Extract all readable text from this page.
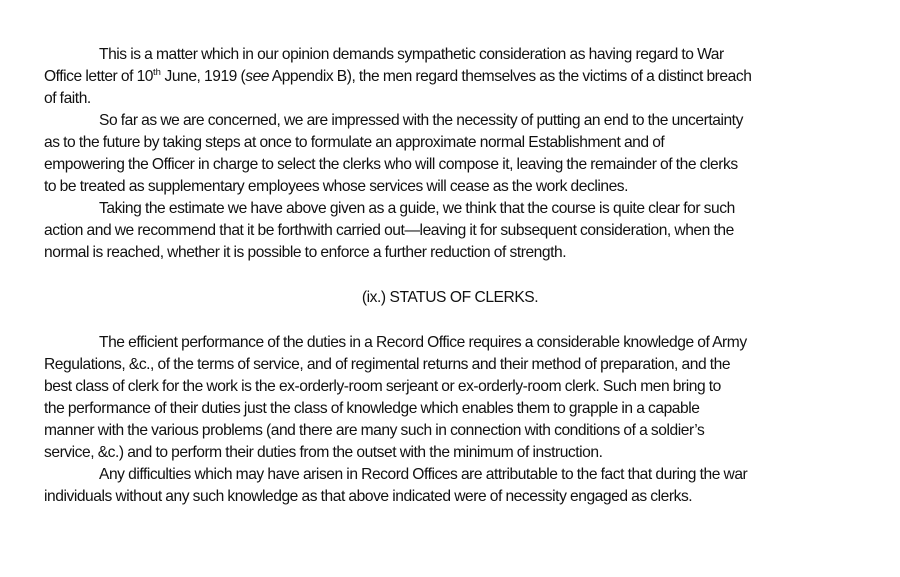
This is a matter which in our opinion demands sympathetic consideration as having regard to War
Office letter of 10th June, 1919 (see Appendix B), the men regard themselves as the victims of a distinct breach
of faith.
So far as we are concerned, we are impressed with the necessity of putting an end to the uncertainty
as to the future by taking steps at once to formulate an approximate normal Establishment and of
empowering the Officer in charge to select the clerks who will compose it, leaving the remainder of the clerks
to be treated as supplementary employees whose services will cease as the work declines.
Taking the estimate we have above given as a guide, we think that the course is quite clear for such
action and we recommend that it be forthwith carried out—leaving it for subsequent consideration, when the
normal is reached, whether it is possible to enforce a further reduction of strength.
(ix.) STATUS OF CLERKS.
The efficient performance of the duties in a Record Office requires a considerable knowledge of Army
Regulations, &c., of the terms of service, and of regimental returns and their method of preparation, and the
best class of clerk for the work is the ex-orderly-room serjeant or ex-orderly-room clerk. Such men bring to
the performance of their duties just the class of knowledge which enables them to grapple in a capable
manner with the various problems (and there are many such in connection with conditions of a soldier’s
service, &c.) and to perform their duties from the outset with the minimum of instruction.
Any difficulties which may have arisen in Record Offices are attributable to the fact that during the war
individuals without any such knowledge as that above indicated were of necessity engaged as clerks.
